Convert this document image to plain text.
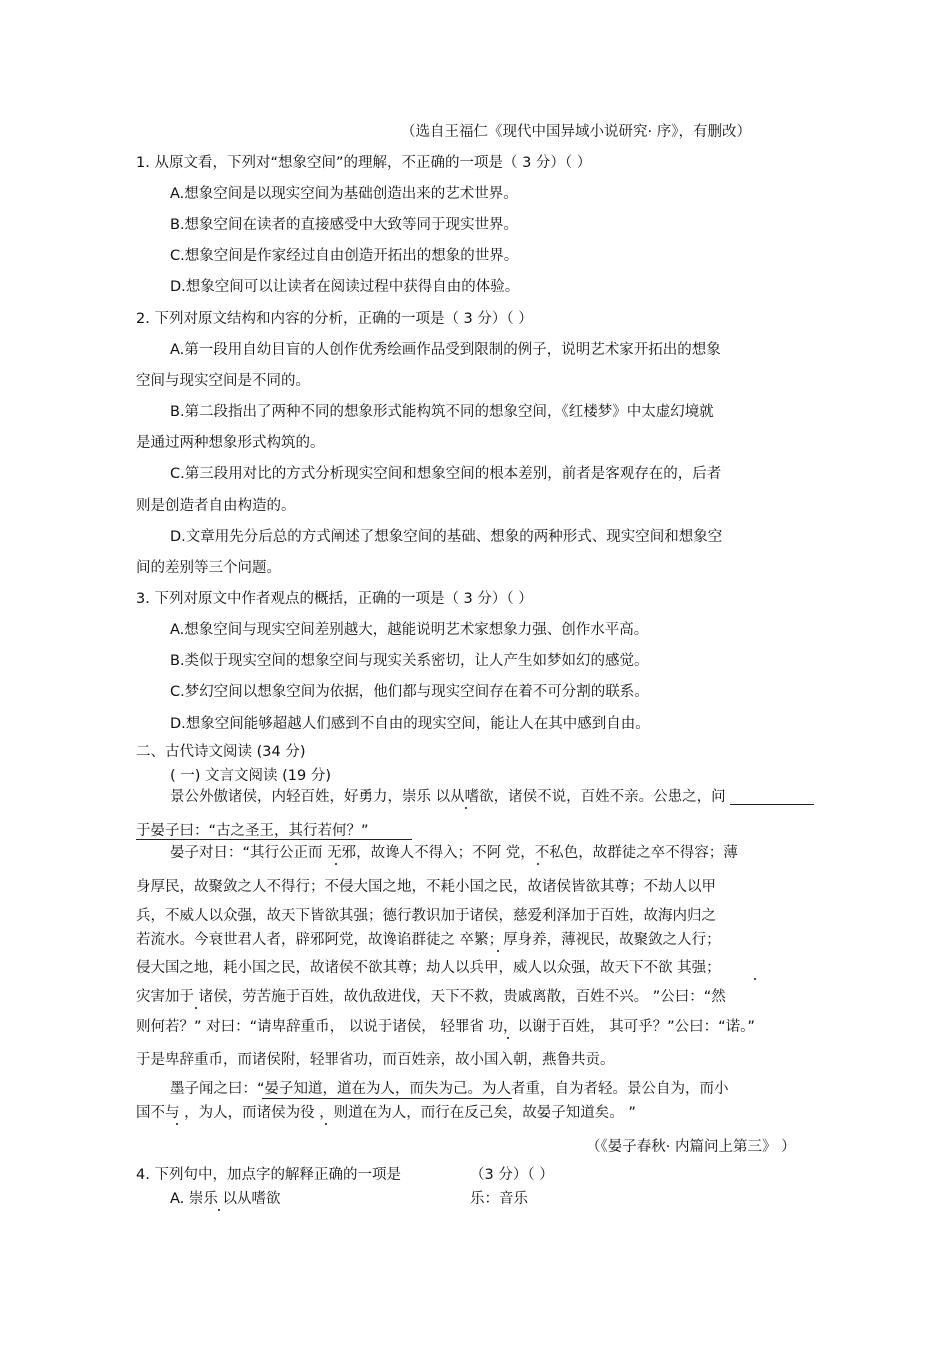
（选自王福仁《现代中国异域小说研究· 序》，有删改）
1. 从原文看，下列对“想象空间”的理解，不正确的一项是（ 3 分）（ ）
A.想象空间是以现实空间为基础创造出来的艺术世界。
B.想象空间在读者的直接感受中大致等同于现实世界。
C.想象空间是作家经过自由创造开拓出的想象的世界。
D.想象空间可以让读者在阅读过程中获得自由的体验。
2. 下列对原文结构和内容的分析，正确的一项是（ 3 分）（ ）
A.第一段用自幼目盲的人创作优秀绘画作品受到限制的例子，说明艺术家开拓出的想象
空间与现实空间是不同的。
B.第二段指出了两种不同的想象形式能构筑不同的想象空间，《红楼梦》中太虚幻境就
是通过两种想象形式构筑的。
C.第三段用对比的方式分析现实空间和想象空间的根本差别，前者是客观存在的，后者
则是创造者自由构造的。
D.文章用先分后总的方式阐述了想象空间的基础、想象的两种形式、现实空间和想象空
间的差别等三个问题。
3. 下列对原文中作者观点的概括，正确的一项是（ 3 分）（ ）
A.想象空间与现实空间差别越大，越能说明艺术家想象力强、创作水平高。
B.类似于现实空间的想象空间与现实关系密切，让人产生如梦如幻的感觉。
C.梦幻空间以想象空间为依据，他们都与现实空间存在着不可分割的联系。
D.想象空间能够超越人们感到不自由的现实空间，能让人在其中感到自由。
二、古代诗文阅读 (34 分)
( 一) 文言文阅读 (19 分)
景公外傲诸侯，内轻百姓，好勇力，崇乐 以从嗜欲，诸侯不说，百姓不亲。公患之，问
于晏子曰：“古之圣王，其行若何？”
晏子对日：“其行公正而 无邪，故谗人不得入；不阿 党，不私色，故群徒之卒不得容；薄
身厚民，故聚敛之人不得行；不侵大国之地，不耗小国之民，故诸侯皆欲其尊；不劫人以甲
兵，不威人以众强，故天下皆欲其强；德行教识加于诸侯，慈爱利泽加于百姓，故海内归之
若流水。今衰世君人者，辟邪阿党，故谗谄群徒之 卒繁；厚身养，薄视民，故聚敛之人行；
侵大国之地，耗小国之民，故诸侯不欲其尊；劫人以兵甲，威人以众强，故天下不欲 其强；
灾害加于 诸侯，劳苦施于百姓，故仇敌进伐，天下不救，贵戚离散，百姓不兴。 ”公曰：“然
则何若？” 对曰：“请卑辞重币， 以说于诸侯， 轻罪省 功，以谢于百姓， 其可乎？”公曰：“诺。”
于是卑辞重币，而诸侯附，轻罪省功，而百姓亲，故小国入朝，燕鲁共贡。
墨子闻之曰：“晏子知道，道在为人，而失为己。为人者重，自为者轻。景公自为，而小
国不与 ，为人，而诸侯为役 ，则道在为人，而行在反己矣，故晏子知道矣。 ”
（《晏子春秋· 内篇问上第三》 ）
4. 下列句中，加点字的解释正确的一项是	（3 分）（ ）
A. 崇乐 以从嗜欲	乐：音乐
